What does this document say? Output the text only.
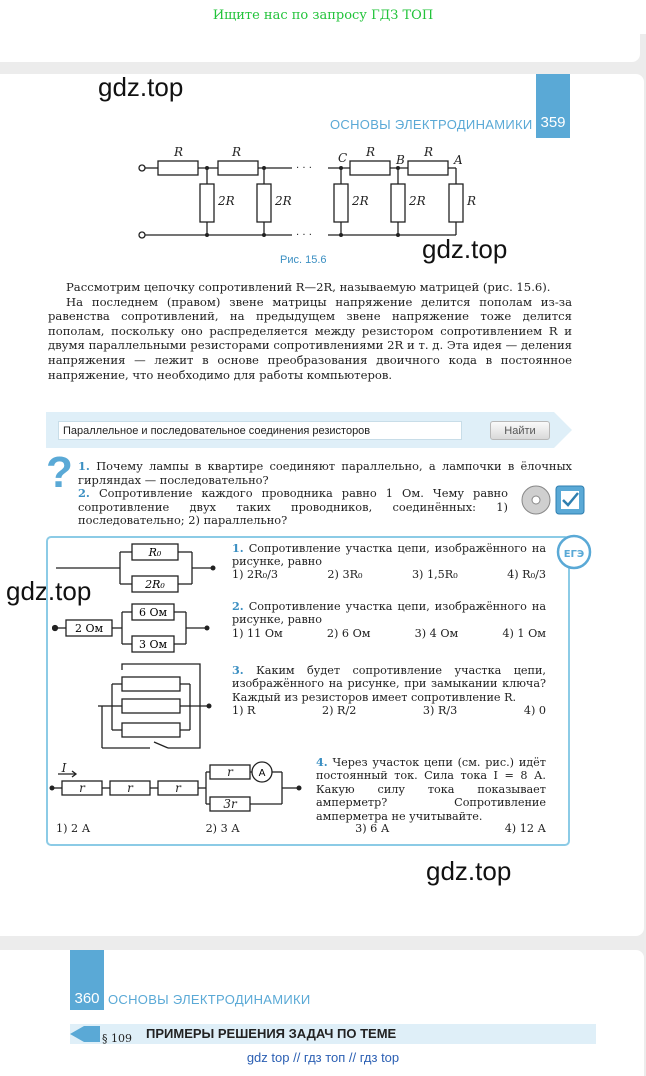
Ищите нас по запросу ГДЗ ТОП
gdz.top
gdz.top
gdz.top
gdz.top
ОСНОВЫ ЭЛЕКТРОДИНАМИКИ 359
R	R	R	R
C	B	A
2R	2R	2R	2R	R
· · ·
· · ·
Рис. 15.6
Рассмотрим цепочку сопротивлений R—2R, называемую матрицей (рис. 15.6).
На последнем (правом) звене матрицы напряжение делится пополам из-за равенства сопротивлений, на предыдущем звене напряжение тоже делится пополам, поскольку оно распределяется между резистором сопротивлением R и двумя параллельными резисторами сопротивлениями 2R и т. д. Эта идея — деления напряжения — лежит в основе преобразования двоичного кода в постоянное напряжение, что необходимо для работы компьютеров.
Параллельное и последовательное соединения резисторов	Найти
? 1. Почему лампы в квартире соединяют параллельно, а лампочки в ёлочных гирляндах — последовательно?
2. Сопротивление каждого проводника равно 1 Ом. Чему равно сопротивление двух таких проводников, соединённых: 1) последовательно; 2) параллельно?
ЕГЭ
R₀
2R₀
1. Сопротивление участка цепи, изображённого на рисунке, равно
1) 2R₀/3	2) 3R₀	3) 1,5R₀	4) R₀/3
2 Ом
6 Ом
3 Ом
2. Сопротивление участка цепи, изображённого на рисунке, равно
1) 11 Ом	2) 6 Ом	3) 4 Ом	4) 1 Ом
3. Каким будет сопротивление участка цепи, изображённого на рисунке, при замыкании ключа? Каждый из резисторов имеет сопротивление R.
1) R	2) R/2	3) R/3	4) 0
I
r	r	r
r
3r
A
4. Через участок цепи (см. рис.) идёт постоянный ток. Сила тока I = 8 А. Какую силу тока показывает амперметр? Сопротивление амперметра не учитывайте.
1) 2 А	2) 3 А	3) 6 А	4) 12 А
360 ОСНОВЫ ЭЛЕКТРОДИНАМИКИ
§ 109 ПРИМЕРЫ РЕШЕНИЯ ЗАДАЧ ПО ТЕМЕ
gdz top // гдз топ // гдз top
